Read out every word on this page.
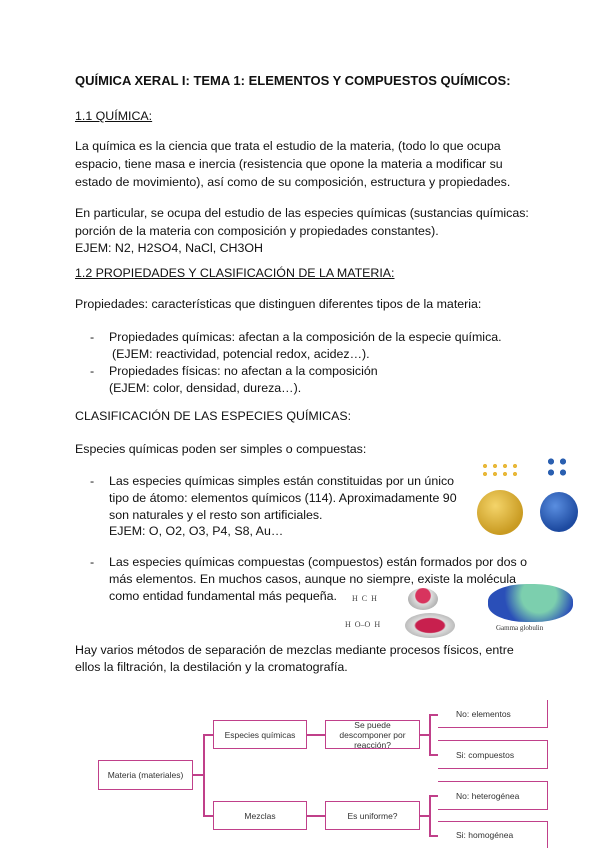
QUÍMICA XERAL I: TEMA 1: ELEMENTOS Y COMPUESTOS QUÍMICOS:
1.1 QUÍMICA:
La química es la ciencia que trata el estudio de la materia, (todo lo que ocupa
espacio, tiene masa e inercia (resistencia que opone la materia a modificar su
estado de movimiento), así como de su composición, estructura y propiedades.
En particular, se ocupa del estudio de las especies químicas (sustancias químicas:
porción de la materia con composición y propiedades constantes).
EJEM: N2, H2SO4, NaCl, CH3OH
1.2 PROPIEDADES Y CLASIFICACIÓN DE LA MATERIA:
Propiedades: características que distinguen diferentes tipos de la materia:
- Propiedades químicas: afectan a la composición de la especie química.
(EJEM: reactividad, potencial redox, acidez…).
- Propiedades físicas: no afectan a la composición
(EJEM: color, densidad, dureza…).
CLASIFICACIÓN DE LAS ESPECIES QUÍMICAS:
Especies químicas poden ser simples o compuestas:
- Las especies químicas simples están constituidas por un único
tipo de átomo: elementos químicos (114). Aproximadamente 90
son naturales y el resto son artificiales.
EJEM: O, O2, O3, P4, S8, Au…
- Las especies químicas compuestas (compuestos) están formados por dos o
más elementos. En muchos casos, aunque no siempre, existe la molécula
como entidad fundamental más pequeña.
Hay varios métodos de separación de mezclas mediante procesos físicos, entre
ellos la filtración, la destilación y la cromatografía.
H  C  H
H  O–O  H	Gamma globulin
Materia (materiales)
Especies químicas
Se puede descomponer por reacción?
No: elementos
Si: compuestos
Mezclas	Es uniforme?
No: heterogénea
Si: homogénea
